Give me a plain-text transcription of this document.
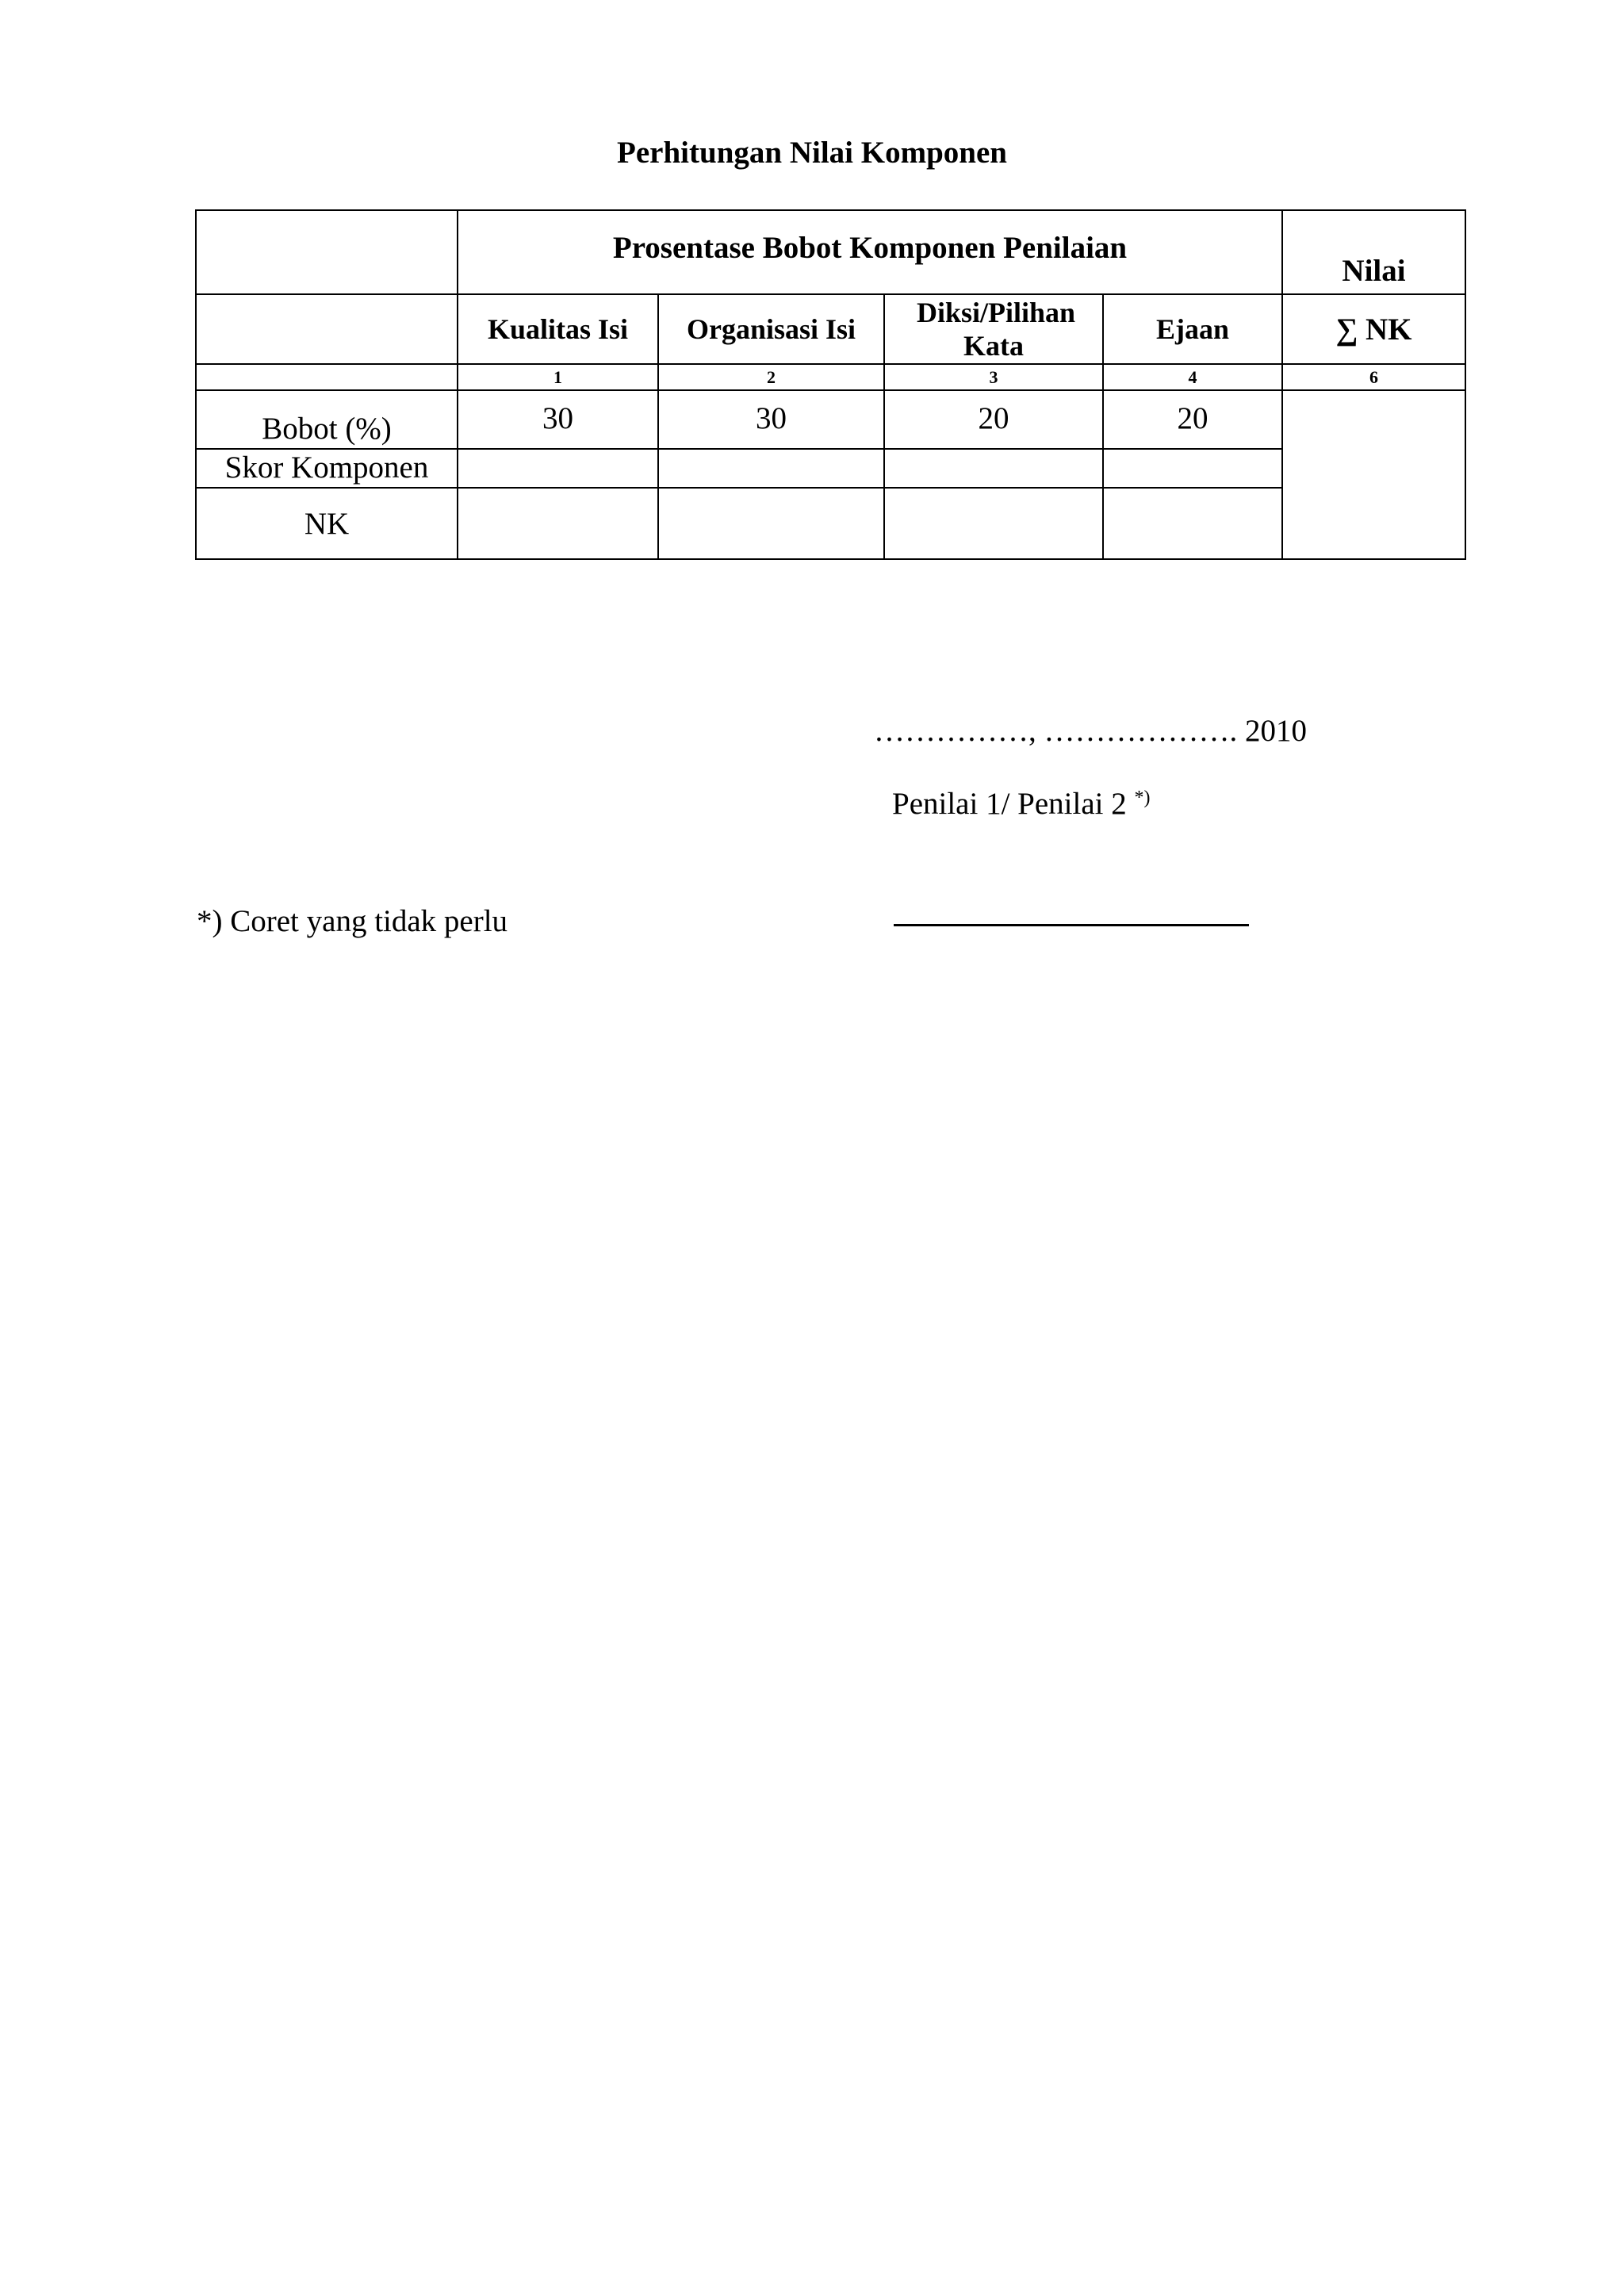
Perhitungan Nilai Komponen
	Prosentase Bobot Komponen Penilaian				Nilai
	Kualitas Isi	Organisasi Isi	Diksi/Pilihan Kata	Ejaan	∑ NK
	1	2	3	4	6
Bobot (%)	30	30	20	20	
Skor Komponen					
NK					
……………, ………………. 2010
Penilai 1/ Penilai 2 *)
*) Coret yang tidak perlu
